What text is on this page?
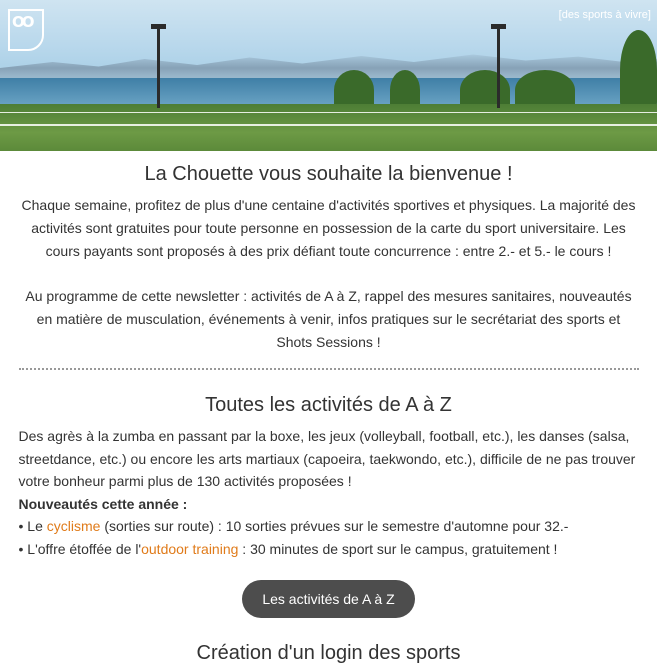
OO	[des sports à vivre]
La Chouette vous souhaite la bienvenue !

Chaque semaine, profitez de plus d'une centaine d'activités sportives et physiques. La majorité des activités sont gratuites pour toute personne en possession de la carte du sport universitaire. Les cours payants sont proposés à des prix défiant toute concurrence : entre 2.- et 5.- le cours !

Au programme de cette newsletter : activités de A à Z, rappel des mesures sanitaires, nouveautés en matière de musculation, événements à venir, infos pratiques sur le secrétariat des sports et Shots Sessions !

Toutes les activités de A à Z

Des agrès à la zumba en passant par la boxe, les jeux (volleyball, football, etc.), les danses (salsa, streetdance, etc.) ou encore les arts martiaux (capoeira, taekwondo, etc.), difficile de ne pas trouver votre bonheur parmi plus de 130 activités proposées !

Nouveautés cette année :

• Le cyclisme (sorties sur route) : 10 sorties prévues sur le semestre d'automne pour 32.-

• L'offre étoffée de l'outdoor training : 30 minutes de sport sur le campus, gratuitement !

Les activités de A à Z
Création d'un login des sports
